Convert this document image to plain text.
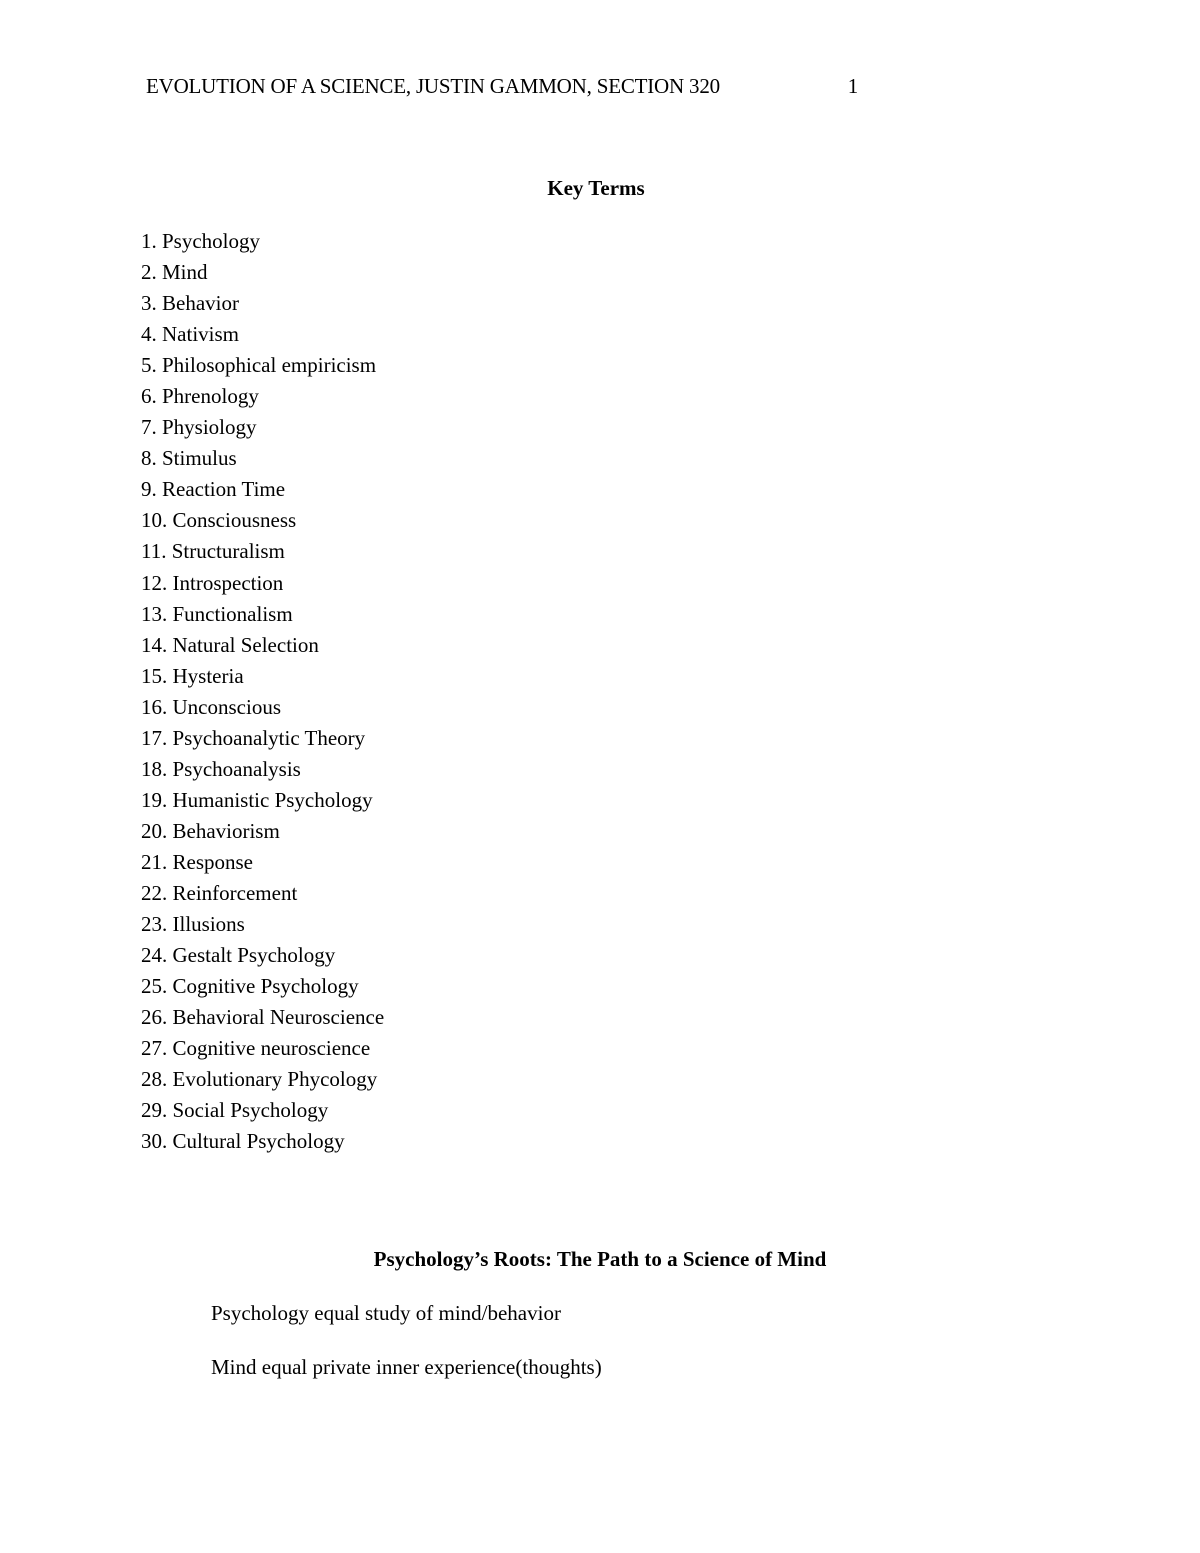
EVOLUTION OF A SCIENCE, JUSTIN GAMMON, SECTION 320	1
Key Terms
1. Psychology
2. Mind
3. Behavior
4. Nativism
5. Philosophical empiricism
6. Phrenology
7. Physiology
8. Stimulus
9. Reaction Time
10. Consciousness
11. Structuralism
12. Introspection
13. Functionalism
14. Natural Selection
15. Hysteria
16. Unconscious
17. Psychoanalytic Theory
18. Psychoanalysis
19. Humanistic Psychology
20. Behaviorism
21. Response
22. Reinforcement
23. Illusions
24. Gestalt Psychology
25. Cognitive Psychology
26. Behavioral Neuroscience
27. Cognitive neuroscience
28. Evolutionary Phycology
29. Social Psychology
30. Cultural Psychology
Psychology’s Roots: The Path to a Science of Mind
Psychology equal study of mind/behavior
Mind equal private inner experience(thoughts)
